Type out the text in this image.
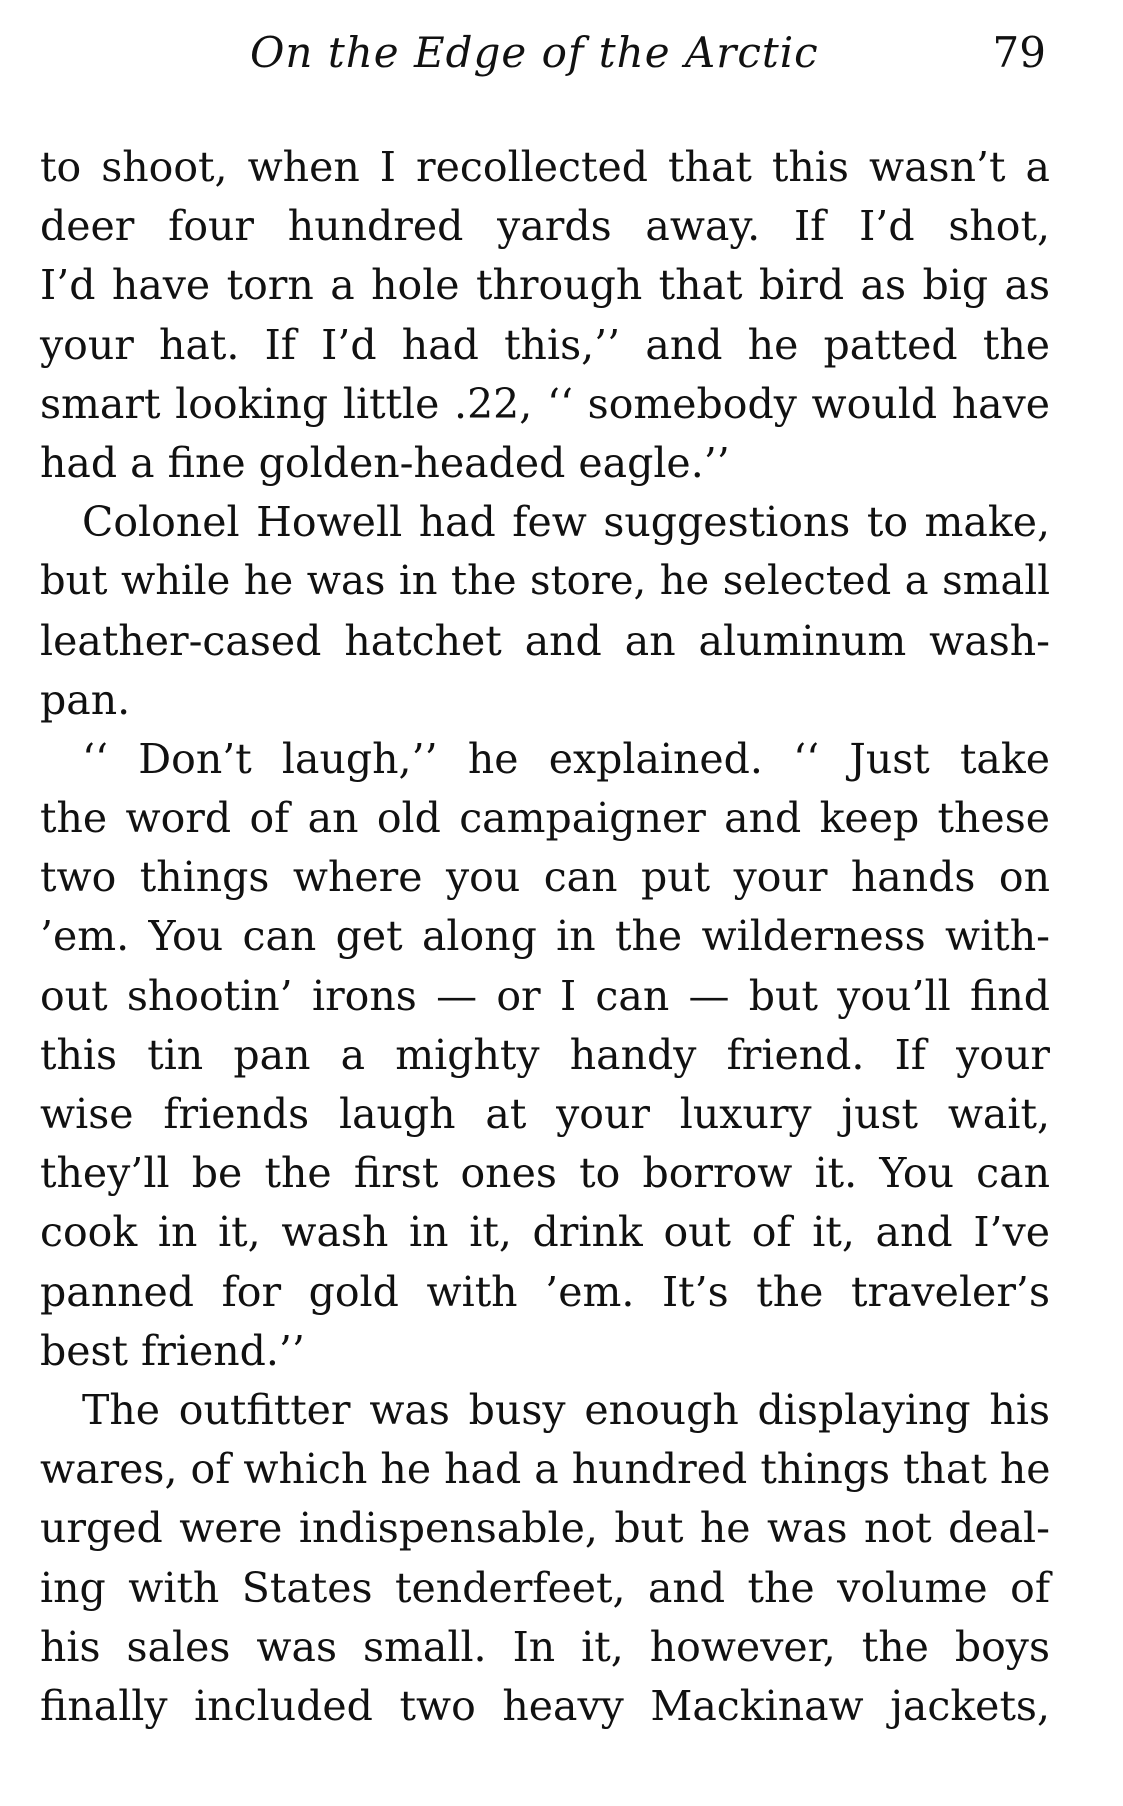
On the Edge of the Arctic	79
to shoot, when I recollected that this wasn’t a
deer four hundred yards away. If I’d shot,
I’d have torn a hole through that bird as big as
your hat. If I’d had this,’’ and he patted the
smart looking little .22, ‘‘ somebody would have
had a fine golden-headed eagle.’’
Colonel Howell had few suggestions to make,
but while he was in the store, he selected a small
leather-cased hatchet and an aluminum wash-
pan.
‘‘ Don’t laugh,’’ he explained. ‘‘ Just take
the word of an old campaigner and keep these
two things where you can put your hands on
’em. You can get along in the wilderness with-
out shootin’ irons — or I can — but you’ll find
this tin pan a mighty handy friend. If your
wise friends laugh at your luxury just wait,
they’ll be the first ones to borrow it. You can
cook in it, wash in it, drink out of it, and I’ve
panned for gold with ’em. It’s the traveler’s
best friend.’’
The outfitter was busy enough displaying his
wares, of which he had a hundred things that he
urged were indispensable, but he was not deal-
ing with States tenderfeet, and the volume of
his sales was small. In it, however, the boys
finally included two heavy Mackinaw jackets,
